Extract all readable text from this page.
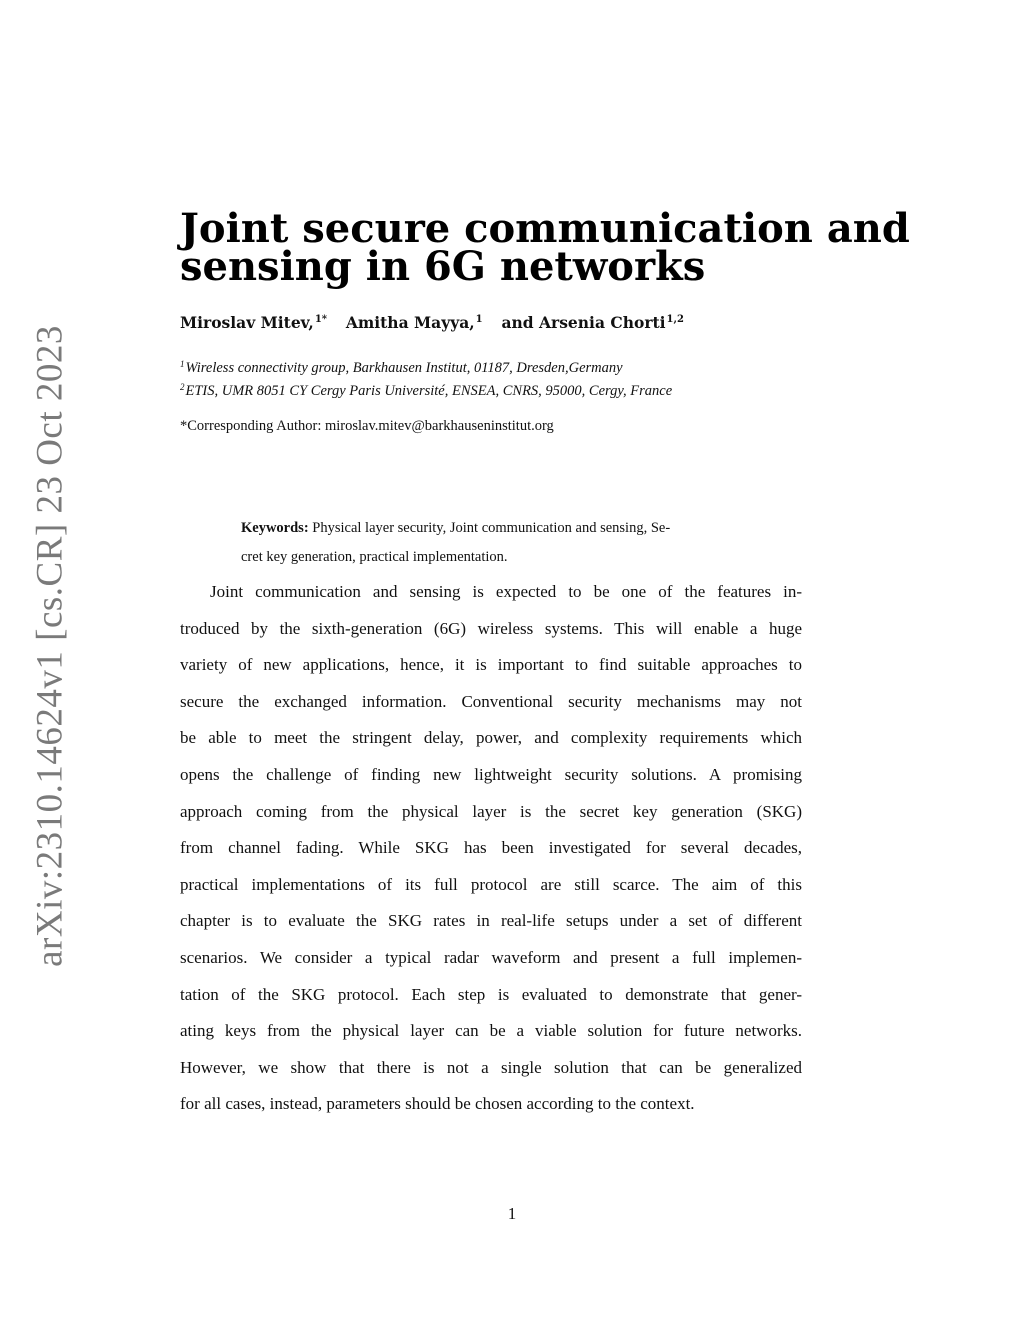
arXiv:2310.14624v1 [cs.CR] 23 Oct 2023
Joint secure communication and
sensing in 6G networks
Miroslav Mitev,$^{1*}$ Amitha Mayya,$^1$ and Arsenia Chorti$^{1,2}$
$^1$Wireless connectivity group, Barkhausen Institut, 01187, Dresden,Germany
$^2$ETIS, UMR 8051 CY Cergy Paris Université, ENSEA, CNRS, 95000, Cergy, France
*Corresponding Author: miroslav.mitev@barkhauseninstitut.org
Keywords: Physical layer security, Joint communication and sensing, Se-
cret key generation, practical implementation.
Joint communication and sensing is expected to be one of the features in-
troduced by the sixth-generation (6G) wireless systems. This will enable a huge
variety of new applications, hence, it is important to find suitable approaches to
secure the exchanged information. Conventional security mechanisms may not
be able to meet the stringent delay, power, and complexity requirements which
opens the challenge of finding new lightweight security solutions. A promising
approach coming from the physical layer is the secret key generation (SKG)
from channel fading. While SKG has been investigated for several decades,
practical implementations of its full protocol are still scarce. The aim of this
chapter is to evaluate the SKG rates in real-life setups under a set of different
scenarios. We consider a typical radar waveform and present a full implemen-
tation of the SKG protocol. Each step is evaluated to demonstrate that gener-
ating keys from the physical layer can be a viable solution for future networks.
However, we show that there is not a single solution that can be generalized
for all cases, instead, parameters should be chosen according to the context.
1
